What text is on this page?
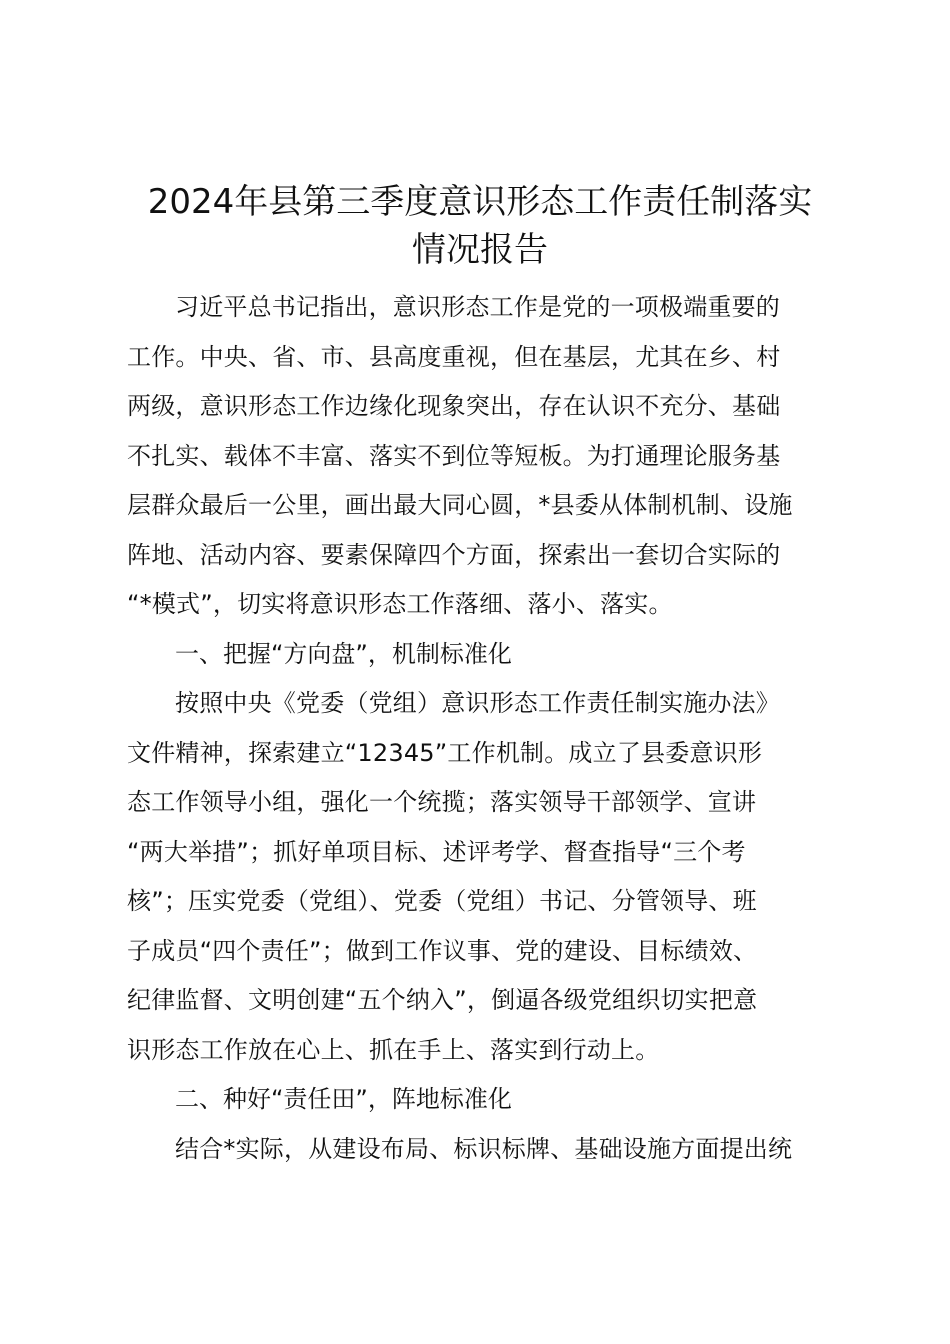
2024年县第三季度意识形态工作责任制落实
情况报告

习近平总书记指出，意识形态工作是党的一项极端重要的
工作。中央、省、市、县高度重视，但在基层，尤其在乡、村
两级，意识形态工作边缘化现象突出，存在认识不充分、基础
不扎实、载体不丰富、落实不到位等短板。为打通理论服务基
层群众最后一公里，画出最大同心圆，*县委从体制机制、设施
阵地、活动内容、要素保障四个方面，探索出一套切合实际的
“*模式”，切实将意识形态工作落细、落小、落实。

一、把握“方向盘”，机制标准化

按照中央《党委（党组）意识形态工作责任制实施办法》
文件精神，探索建立“12345”工作机制。成立了县委意识形
态工作领导小组，强化一个统揽；落实领导干部领学、宣讲
“两大举措”；抓好单项目标、述评考学、督查指导“三个考
核”；压实党委（党组）、党委（党组）书记、分管领导、班
子成员“四个责任”；做到工作议事、党的建设、目标绩效、
纪律监督、文明创建“五个纳入”，倒逼各级党组织切实把意
识形态工作放在心上、抓在手上、落实到行动上。

二、种好“责任田”，阵地标准化

结合*实际，从建设布局、标识标牌、基础设施方面提出统
